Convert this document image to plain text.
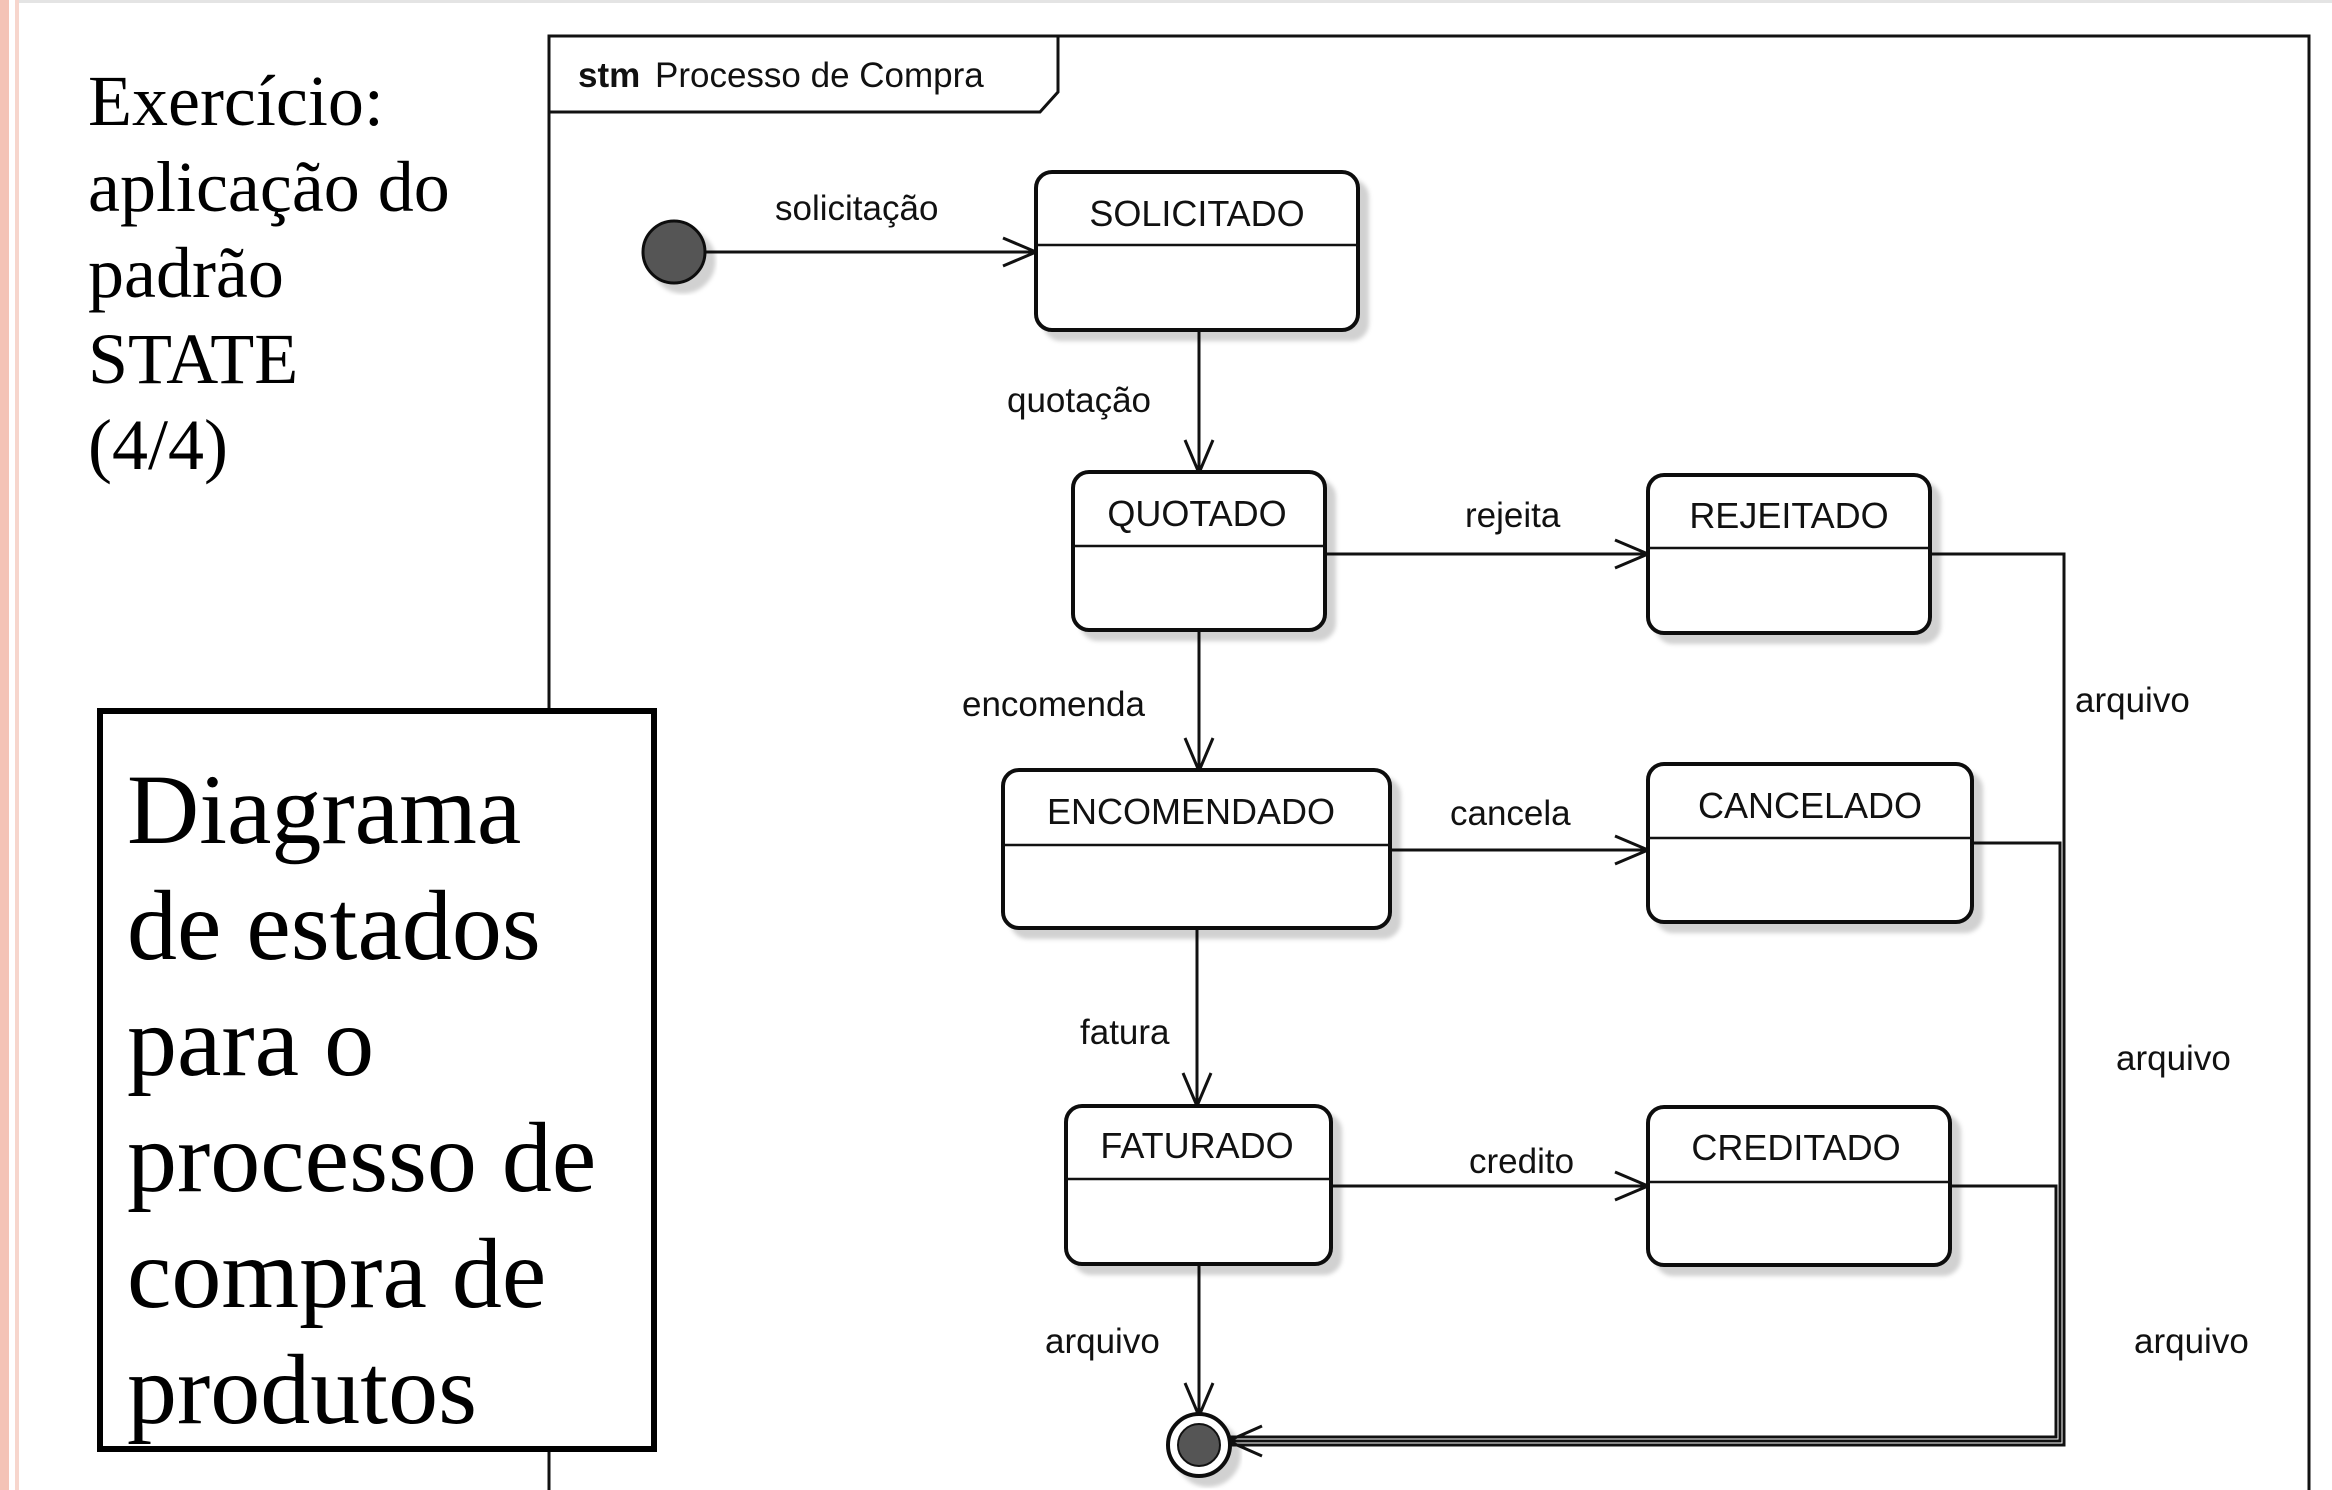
stm Processo de Compra
SOLICITADO
QUOTADO	REJEITADO
ENCOMENDADO	CANCELADO
FATURADO	CREDITADO
solicitação
quotação
rejeita
encomenda
cancela
fatura
credito
arquivo
arquivo
arquivo
arquivo
Exercício:
aplicação do
padrão
STATE
(4/4)
Diagrama
de estados
para o
processo de
compra de
produtos
